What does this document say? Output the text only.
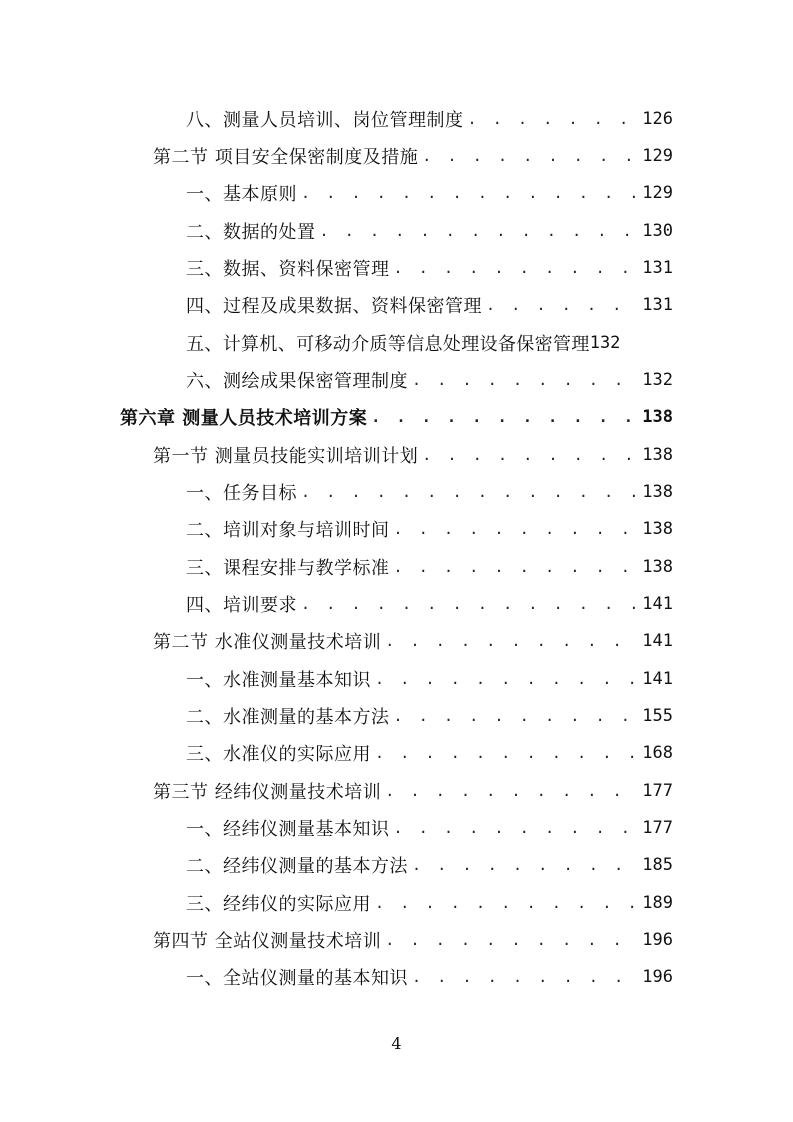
八、测量人员培训、岗位管理制度 . . .	126
第二节 项目安全保密制度及措施 . . .	129
一、基本原则 . . .	129
二、数据的处置 . . .	130
三、数据、资料保密管理 . . .	131
四、过程及成果数据、资料保密管理 . . .	131
五、计算机、可移动介质等信息处理设备保密管理 132
六、测绘成果保密管理制度 . . .	132
第六章 测量人员技术培训方案 . . .	138
第一节 测量员技能实训培训计划 . . .	138
一、任务目标 . . .	138
二、培训对象与培训时间 . . .	138
三、课程安排与教学标准 . . .	138
四、培训要求 . . .	141
第二节 水准仪测量技术培训 . . .	141
一、水准测量基本知识 . . .	141
二、水准测量的基本方法 . . .	155
三、水准仪的实际应用 . . .	168
第三节 经纬仪测量技术培训 . . .	177
一、经纬仪测量基本知识 . . .	177
二、经纬仪测量的基本方法 . . .	185
三、经纬仪的实际应用 . . .	189
第四节 全站仪测量技术培训 . . .	196
一、全站仪测量的基本知识 . . .	196
4
